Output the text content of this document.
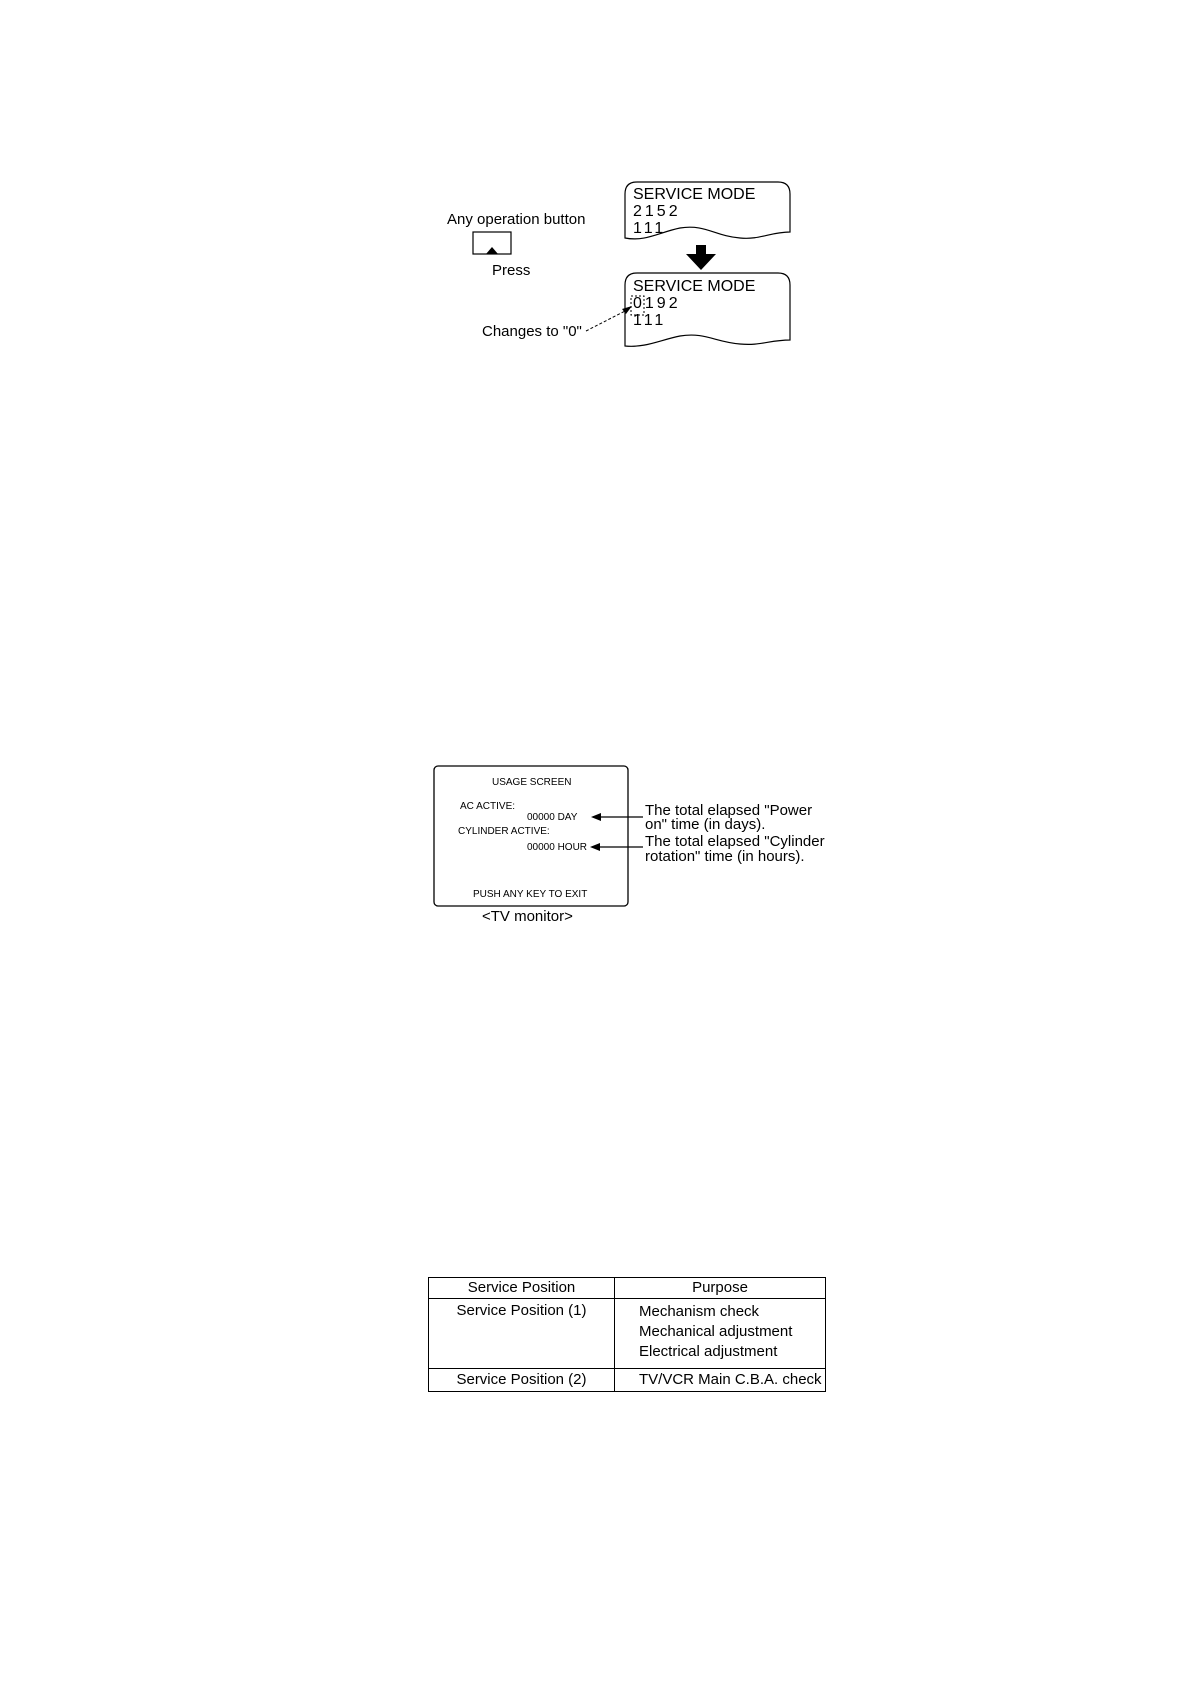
Any operation button
Press
Changes to "0"
SERVICE MODE
2152
111
SERVICE MODE
0192
111
USAGE SCREEN
AC ACTIVE:
00000 DAY
CYLINDER ACTIVE:
00000 HOUR
PUSH ANY KEY TO EXIT
<TV monitor>
The total elapsed "Power
on" time (in days).
The total elapsed "Cylinder
rotation" time (in hours).
Service Position	Purpose
Service Position (1)	Mechanism check
Mechanical adjustment
Electrical adjustment

Service Position (2)	TV/VCR Main C.B.A. check
